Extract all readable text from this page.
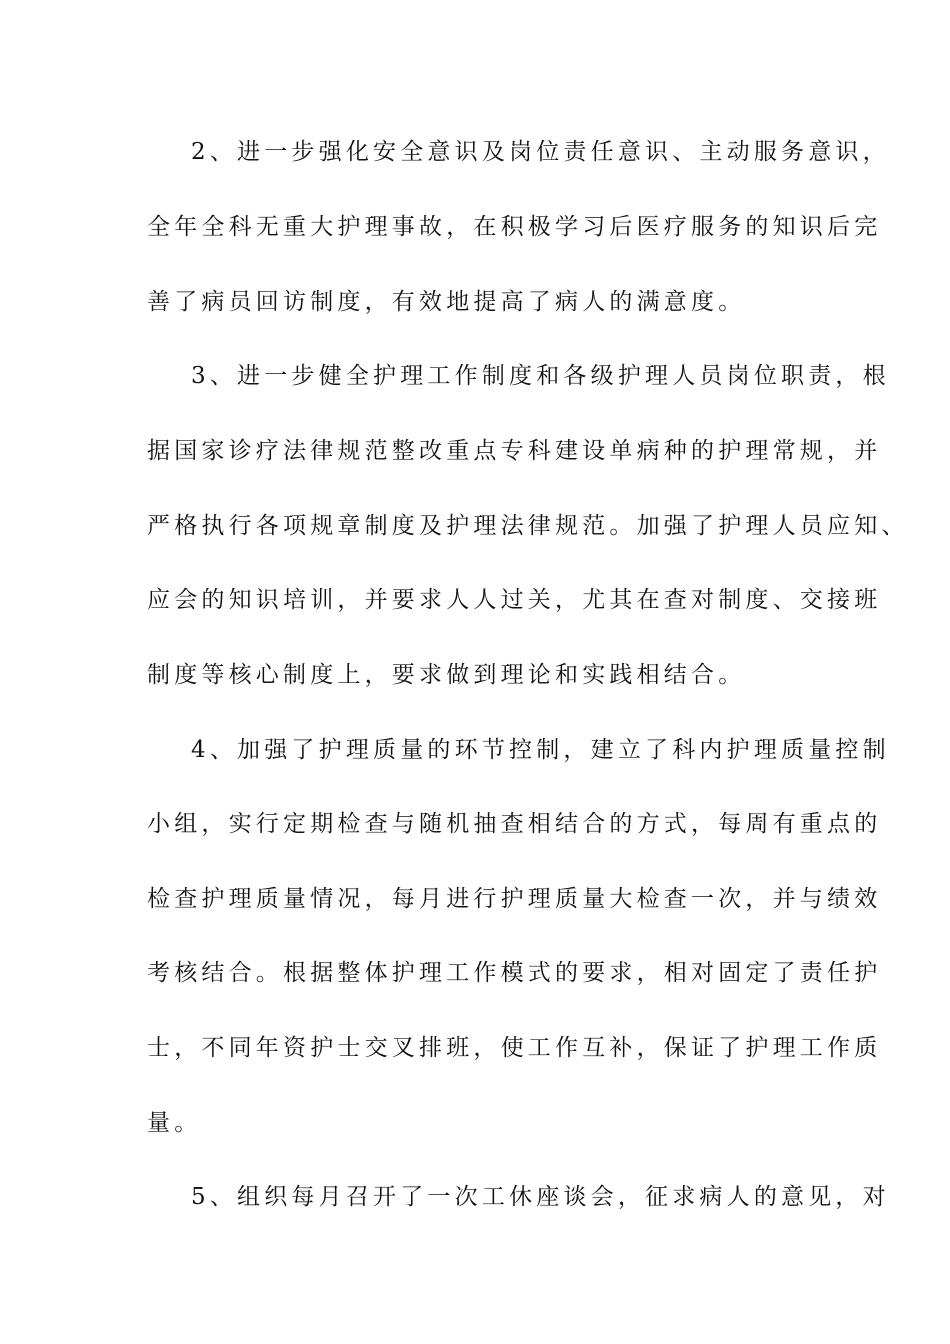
2、进一步强化安全意识及岗位责任意识、主动服务意识，
全年全科无重大护理事故，在积极学习后医疗服务的知识后完
善了病员回访制度，有效地提高了病人的满意度。
3、进一步健全护理工作制度和各级护理人员岗位职责，根
据国家诊疗法律规范整改重点专科建设单病种的护理常规，并
严格执行各项规章制度及护理法律规范。加强了护理人员应知、
应会的知识培训，并要求人人过关，尤其在查对制度、交接班
制度等核心制度上，要求做到理论和实践相结合。
4、加强了护理质量的环节控制，建立了科内护理质量控制
小组，实行定期检查与随机抽查相结合的方式，每周有重点的
检查护理质量情况，每月进行护理质量大检查一次，并与绩效
考核结合。根据整体护理工作模式的要求，相对固定了责任护
士，不同年资护士交叉排班，使工作互补，保证了护理工作质
量。
5、组织每月召开了一次工休座谈会，征求病人的意见，对
